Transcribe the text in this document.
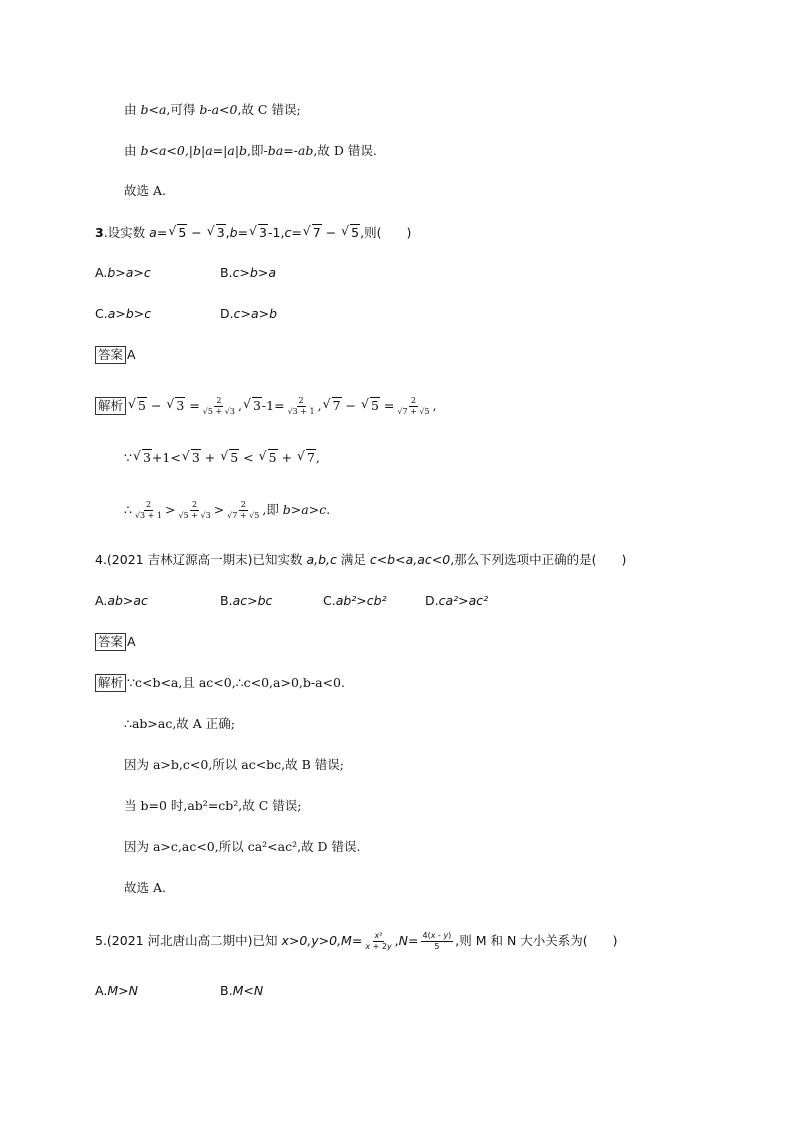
由 b<a,可得 b-a<0,故 C 错误;
由 b<a<0,|b|a=|a|b,即-ba=-ab,故 D 错误.
故选 A.
3.设实数 a= √ 5 − √ 3,b= √ 3-1,c= √ 7 − √ 5,则(　　)
A.b>a>c	B.c>b>a
C.a>b>c	D.c>a>b
答案 A
解析 √ 5 − √ $3 = \frac{2}{√5 + √3}$ , √ $3-1= \frac{2}{√3 + 1}$ , √ 7 − √ $5 = \frac{2}{√7 + √5}$ ,
∵ √ 3+1< √ 3 + √ 5 < √ 5 + √ 7,
∴ $\frac{2}{√3 + 1} > \frac{2}{√5 + √3} > \frac{2}{√7 + √5}$ ,即 b>a>c.
4.(2021 吉林辽源高一期末)已知实数 a,b,c 满足 c<b<a,ac<0,那么下列选项中正确的是(　　)
A.ab>ac	B.ac>bc	C.ab²>cb²	D.ca²>ac²
答案 A
解析 ∵c<b<a,且 ac<0,∴c<0,a>0,b-a<0.
∴ab>ac,故 A 正确;
因为 a>b,c<0,所以 ac<bc,故 B 错误;
当 b=0 时,ab²=cb²,故 C 错误;
因为 a>c,ac<0,所以 ca²<ac²,故 D 错误.
故选 A.
5.(2021 河北唐山高二期中)已知 $x>0,y>0,M= \frac{\text{x²}}{x + 2y} ,N= \frac{4(x - y)}{5}$ ,则 M 和 N 大小关系为(　　)
A.M>N	B.M<N
